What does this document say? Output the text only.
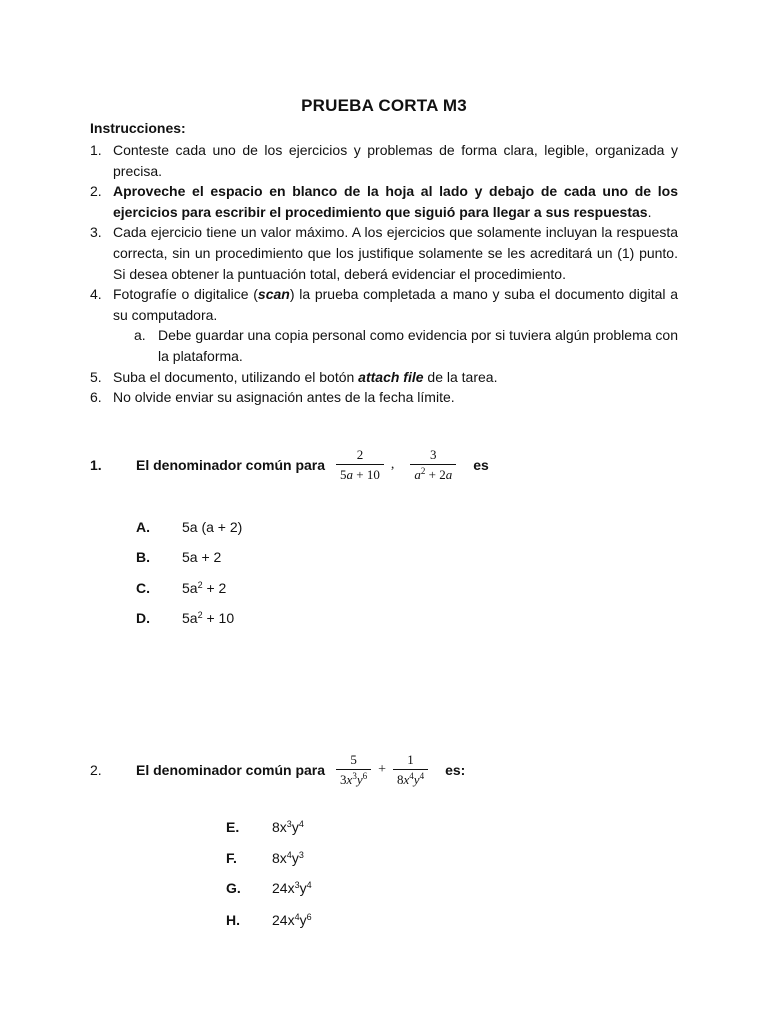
PRUEBA CORTA M3
Instrucciones:
1. Conteste cada uno de los ejercicios y problemas de forma clara, legible, organizada y precisa.
2. Aproveche el espacio en blanco de la hoja al lado y debajo de cada uno de los ejercicios para escribir el procedimiento que siguió para llegar a sus respuestas.
3. Cada ejercicio tiene un valor máximo. A los ejercicios que solamente incluyan la respuesta correcta, sin un procedimiento que los justifique solamente se les acreditará un (1) punto. Si desea obtener la puntuación total, deberá evidenciar el procedimiento.
4. Fotografíe o digitalice (scan) la prueba completada a mano y suba el documento digital a su computadora.
a. Debe guardar una copia personal como evidencia por si tuviera algún problema con la plataforma.
5. Suba el documento, utilizando el botón attach file de la tarea.
6. No olvide enviar su asignación antes de la fecha límite.
1.	El denominador común para $\frac{2}{5a + 10}$ , $\frac{3}{a^2 + 2a}$ es
A.	5a (a + 2)
B.	5a + 2
C.	$5a^2 + 2$
D.	$5a^2 + 10$
2.	El denominador común para $\frac{5}{3x^3y^6} + \frac{1}{8x^4y^4}$ es:
E.	$8x^3y^4$
F.	$8x^4y^3$
G.	$24x^3y^4$
H.	$24x^4y^6$
